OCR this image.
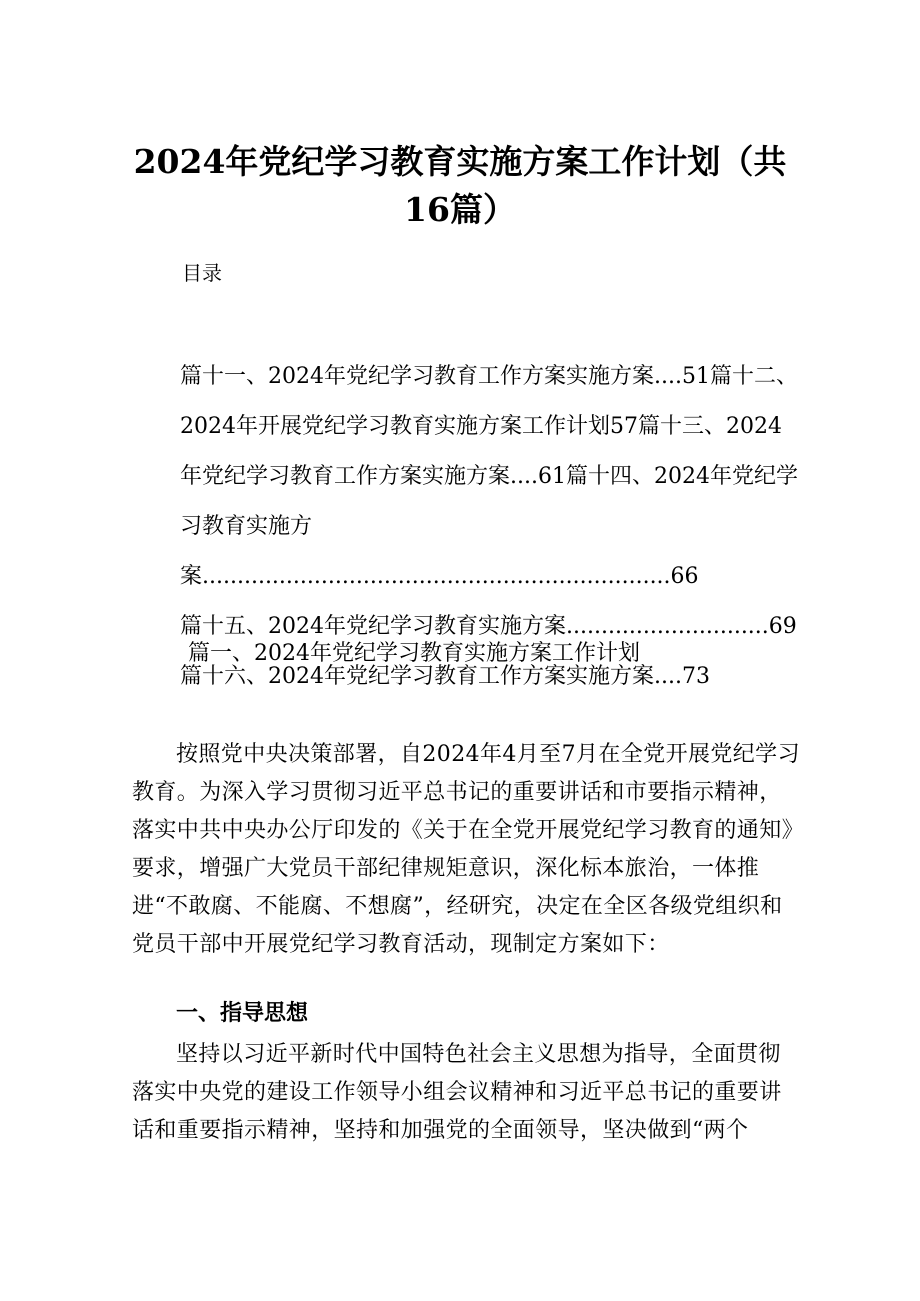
2024年党纪学习教育实施方案工作计划（共16篇）
目录
篇十一、2024年党纪学习教育工作方案实施方案....51篇十二、2024年开展党纪学习教育实施方案工作计划57篇十三、2024年党纪学习教育工作方案实施方案....61篇十四、2024年党纪学习教育实施方案...................................................................66
篇十五、2024年党纪学习教育实施方案.............................69
篇十六、2024年党纪学习教育工作方案实施方案....73
篇一、2024年党纪学习教育实施方案工作计划
按照党中央决策部署，自2024年4月至7月在全党开展党纪学习教育。为深入学习贯彻习近平总书记的重要讲话和市要指示精神，落实中共中央办公厅印发的《关于在全党开展党纪学习教育的通知》要求，增强广大党员干部纪律规矩意识，深化标本旅治，一体推进“不敢腐、不能腐、不想腐”，经研究，决定在全区各级党组织和党员干部中开展党纪学习教育活动，现制定方案如下：
一、指导思想
坚持以习近平新时代中国特色社会主义思想为指导，全面贯彻落实中央党的建设工作领导小组会议精神和习近平总书记的重要讲话和重要指示精神，坚持和加强党的全面领导，坚决做到“两个
